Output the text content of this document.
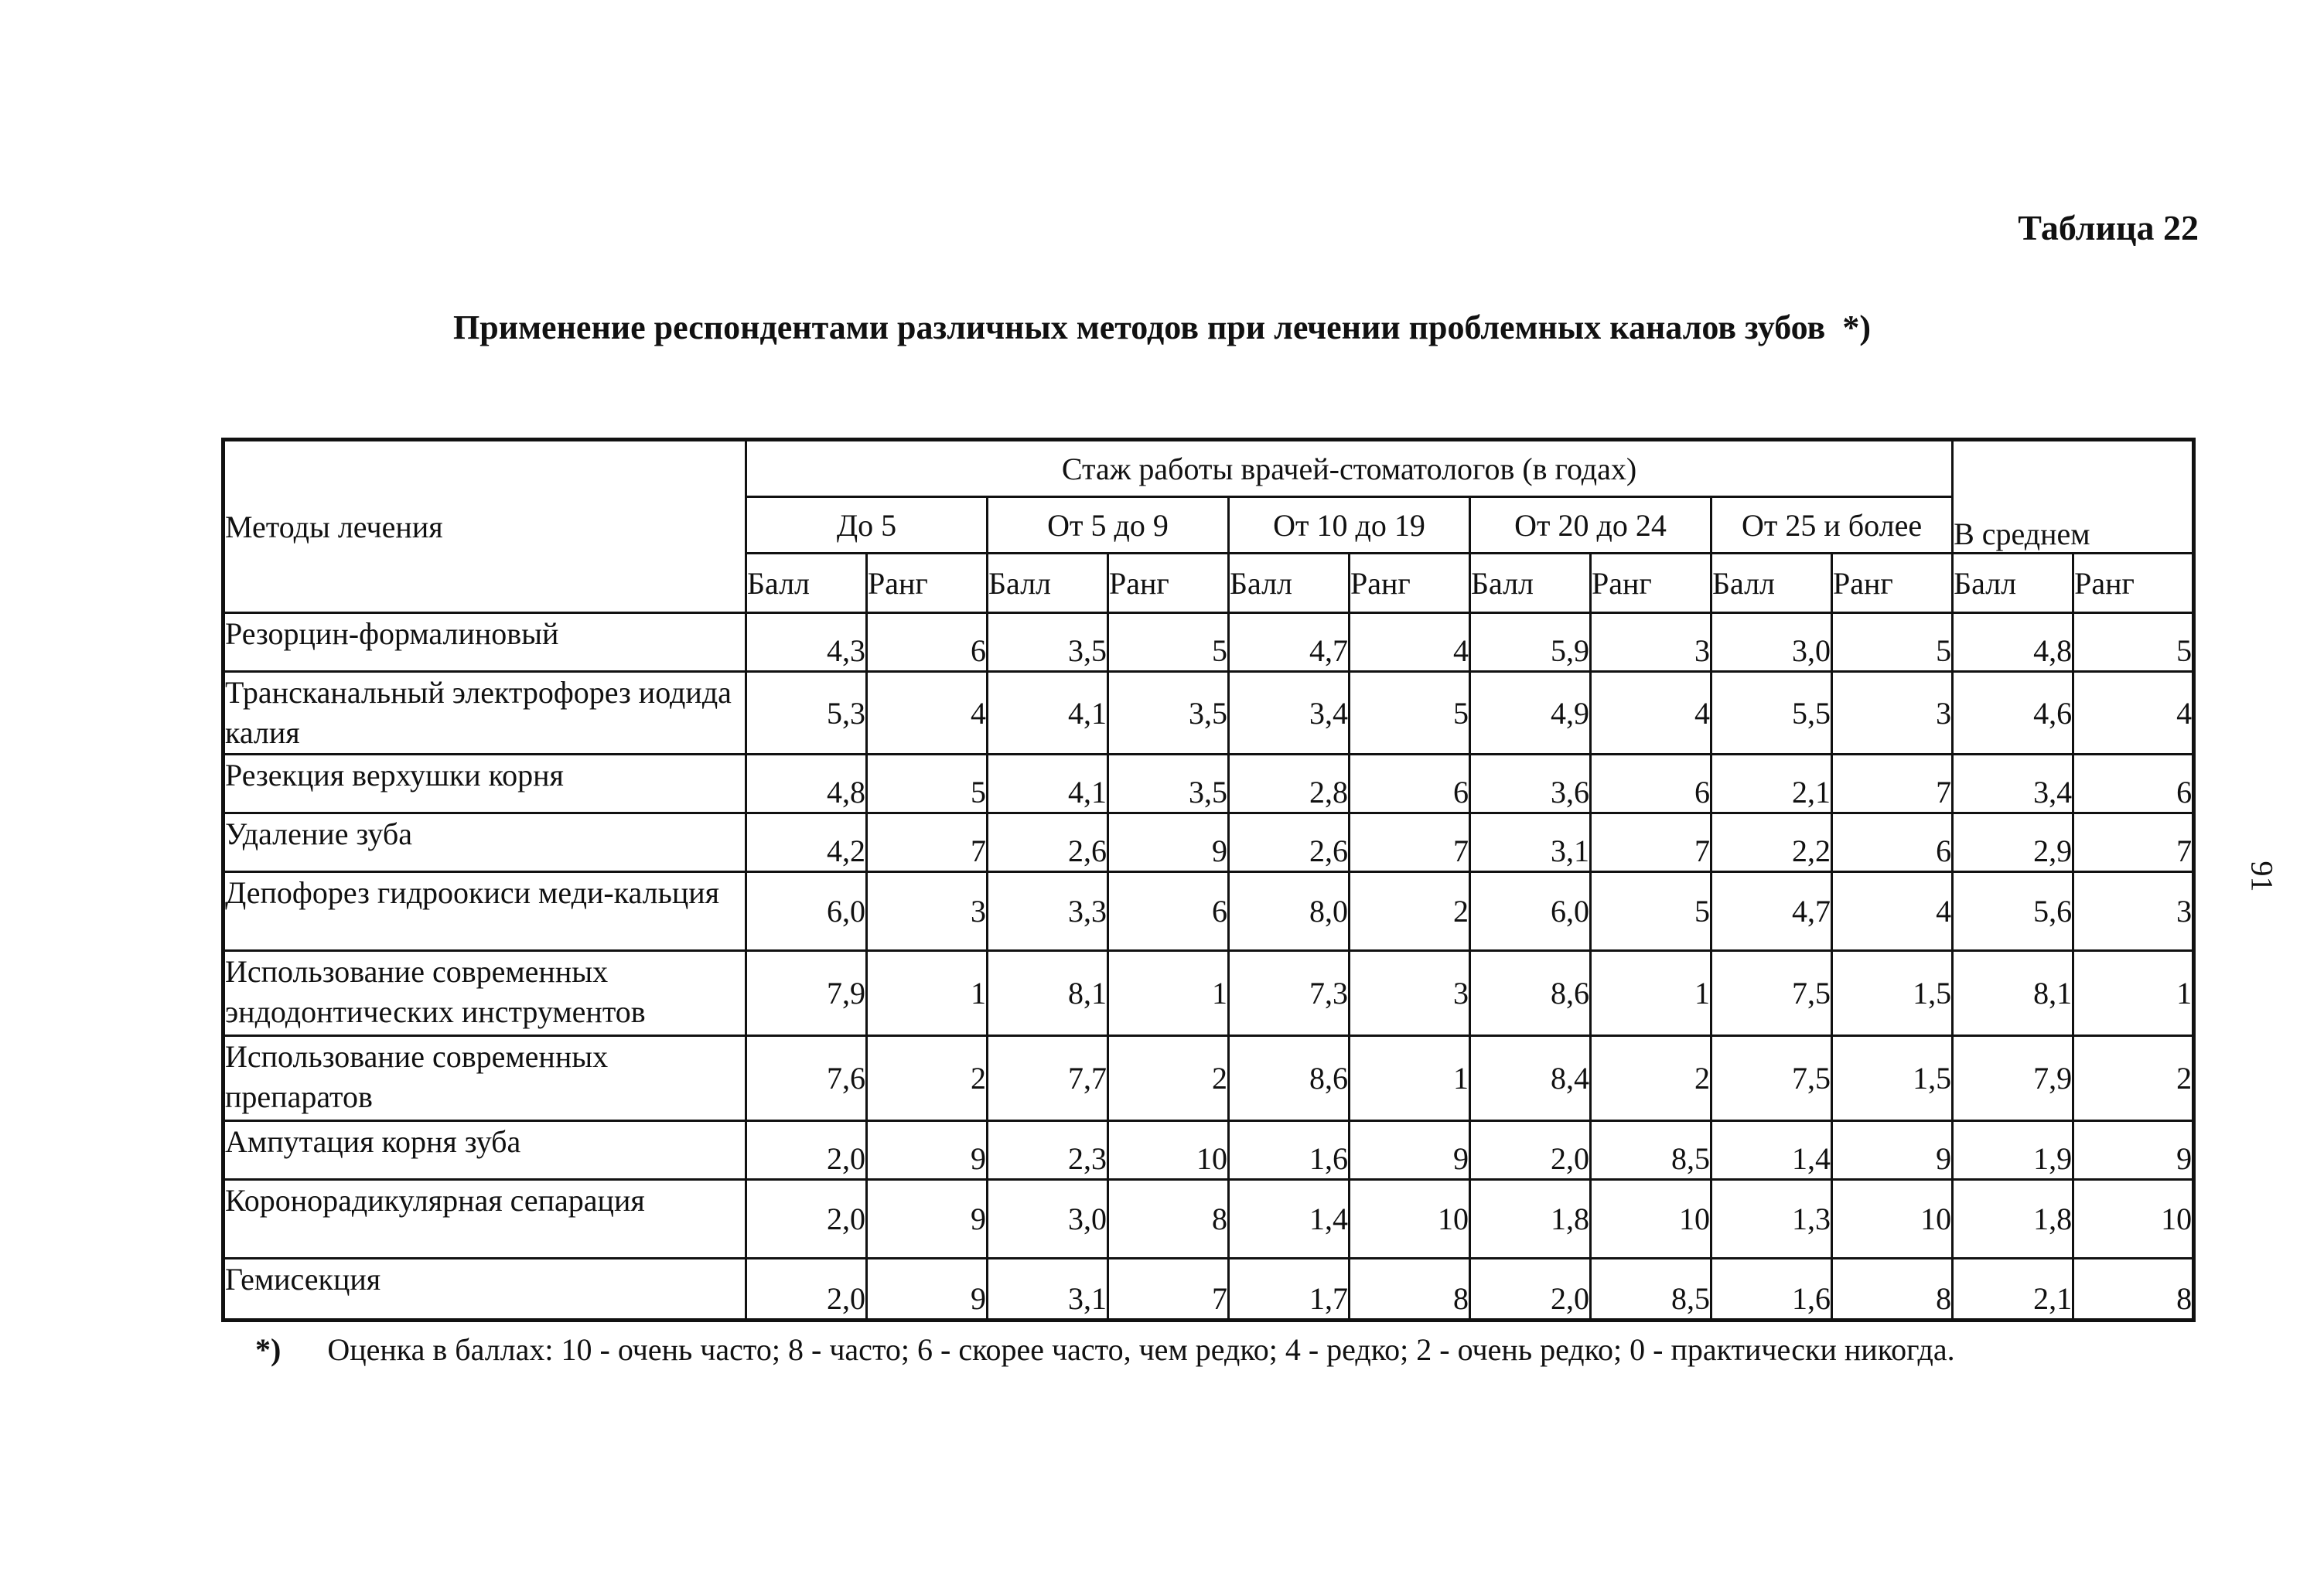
Таблица 22
Применение респондентами различных методов при лечении проблемных каналов зубов *)
91
Методы лечения	Стаж работы врачей-стоматологов (в годах)										В среднем	
	До 5		От 5 до 9		От 10 до 19		От 20 до 24		От 25 и более			
	Балл	Ранг	Балл	Ранг	Балл	Ранг	Балл	Ранг	Балл	Ранг	Балл	Ранг
Резорцин-формалиновый	4,3	6	3,5	5	4,7	4	5,9	3	3,0	5	4,8	5
Трансканальный электрофорез иодида калия	5,3	4	4,1	3,5	3,4	5	4,9	4	5,5	3	4,6	4
Резекция верхушки корня	4,8	5	4,1	3,5	2,8	6	3,6	6	2,1	7	3,4	6
Удаление зуба	4,2	7	2,6	9	2,6	7	3,1	7	2,2	6	2,9	7
Депофорез гидроокиси меди-кальция	6,0	3	3,3	6	8,0	2	6,0	5	4,7	4	5,6	3
Использование современных эндодонтических инструментов	7,9	1	8,1	1	7,3	3	8,6	1	7,5	1,5	8,1	1
Использование современных препаратов	7,6	2	7,7	2	8,6	1	8,4	2	7,5	1,5	7,9	2
Ампутация корня зуба	2,0	9	2,3	10	1,6	9	2,0	8,5	1,4	9	1,9	9
Коронорадикулярная сепарация	2,0	9	3,0	8	1,4	10	1,8	10	1,3	10	1,8	10
Гемисекция	2,0	9	3,1	7	1,7	8	2,0	8,5	1,6	8	2,1	8

*) Оценка в баллах: 10 - очень часто; 8 - часто; 6 - скорее часто, чем редко; 4 - редко; 2 - очень редко; 0 - практически никогда.
